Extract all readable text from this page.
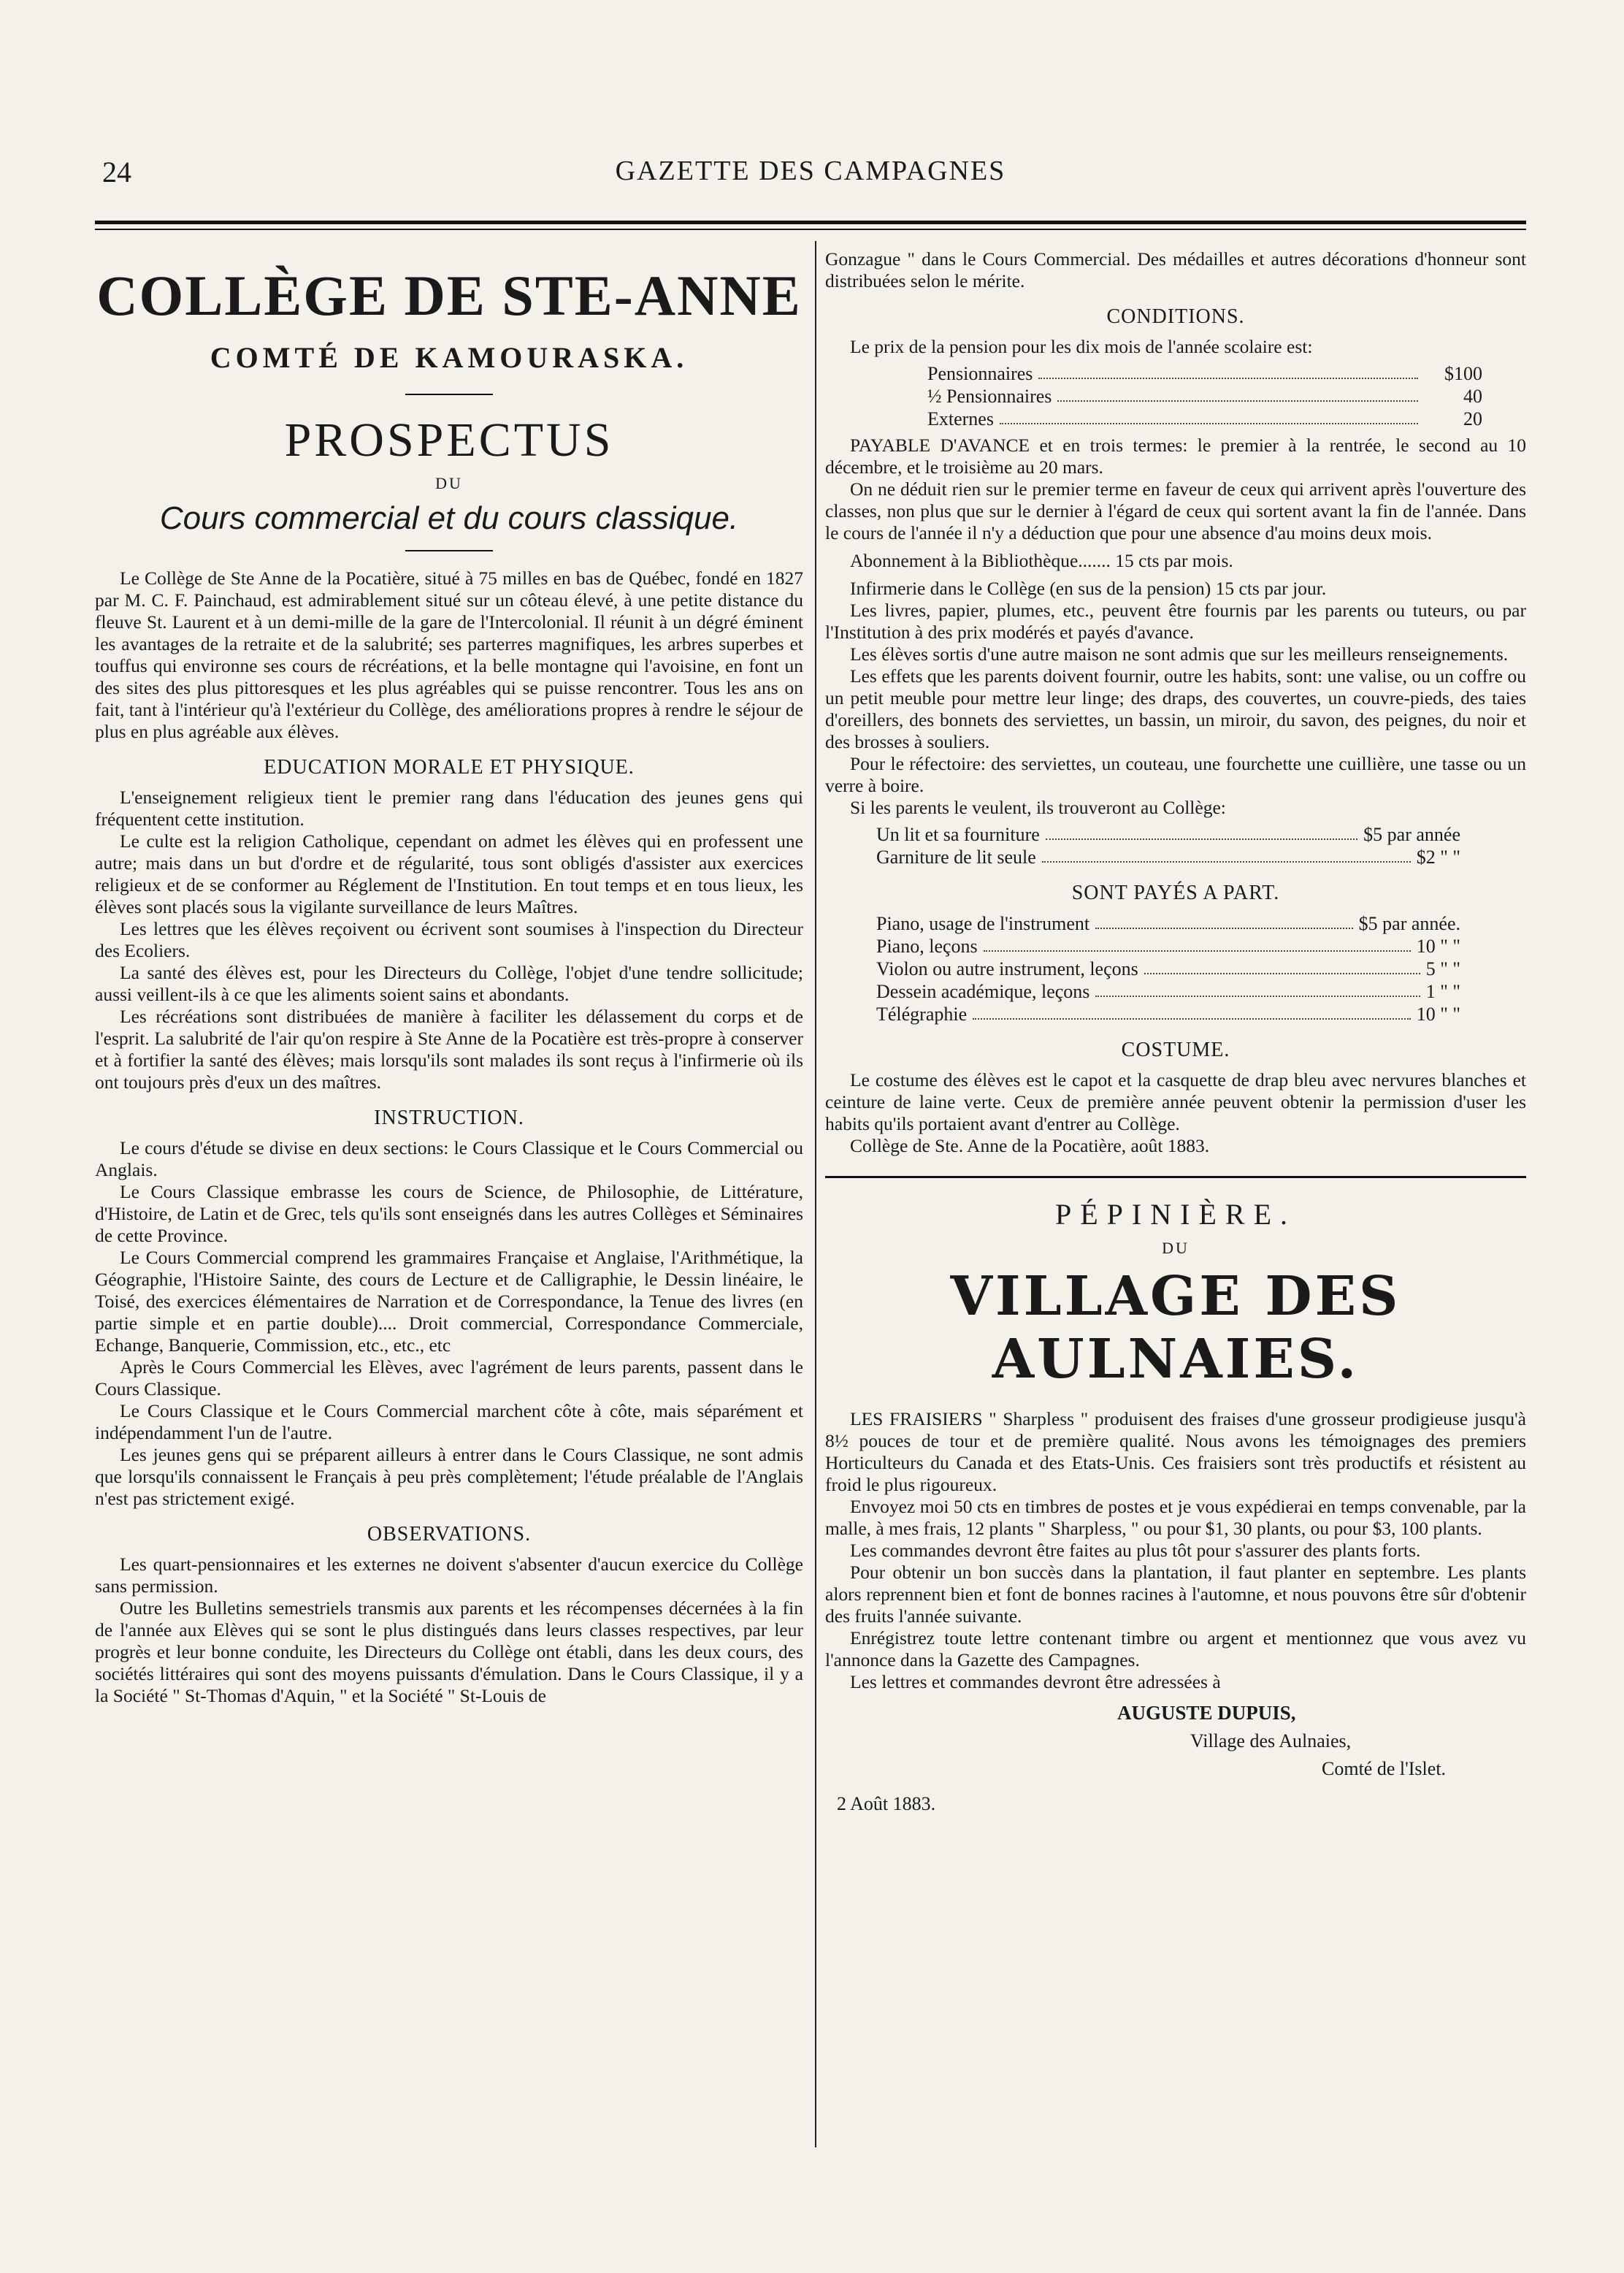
24	GAZETTE DES CAMPAGNES
COLLÈGE DE STE-ANNE
COMTÉ DE KAMOURASKA.
PROSPECTUS
DU
Cours commercial et du cours classique.

Le Collège de Ste Anne de la Pocatière, situé à 75 milles en bas de Québec, fondé en 1827 par M. C. F. Painchaud, est admirablement situé sur un côteau élevé, à une petite distance du fleuve St. Laurent et à un demi-mille de la gare de l'Intercolonial. Il réunit à un dégré éminent les avantages de la retraite et de la salubrité; ses parterres magnifiques, les arbres superbes et touffus qui environne ses cours de récréations, et la belle montagne qui l'avoisine, en font un des sites des plus pittoresques et les plus agréables qui se puisse rencontrer. Tous les ans on fait, tant à l'intérieur qu'à l'extérieur du Collège, des améliorations propres à rendre le séjour de plus en plus agréable aux élèves.

EDUCATION MORALE ET PHYSIQUE.

L'enseignement religieux tient le premier rang dans l'éducation des jeunes gens qui fréquentent cette institution.

Le culte est la religion Catholique, cependant on admet les élèves qui en professent une autre; mais dans un but d'ordre et de régularité, tous sont obligés d'assister aux exercices religieux et de se conformer au Réglement de l'Institution. En tout temps et en tous lieux, les élèves sont placés sous la vigilante surveillance de leurs Maîtres.

Les lettres que les élèves reçoivent ou écrivent sont soumises à l'inspection du Directeur des Ecoliers.

La santé des élèves est, pour les Directeurs du Collège, l'objet d'une tendre sollicitude; aussi veillent-ils à ce que les aliments soient sains et abondants.

Les récréations sont distribuées de manière à faciliter les délassement du corps et de l'esprit. La salubrité de l'air qu'on respire à Ste Anne de la Pocatière est très-propre à conserver et à fortifier la santé des élèves; mais lorsqu'ils sont malades ils sont reçus à l'infirmerie où ils ont toujours près d'eux un des maîtres.

INSTRUCTION.

Le cours d'étude se divise en deux sections: le Cours Classique et le Cours Commercial ou Anglais.

Le Cours Classique embrasse les cours de Science, de Philosophie, de Littérature, d'Histoire, de Latin et de Grec, tels qu'ils sont enseignés dans les autres Collèges et Séminaires de cette Province.

Le Cours Commercial comprend les grammaires Française et Anglaise, l'Arithmétique, la Géographie, l'Histoire Sainte, des cours de Lecture et de Calligraphie, le Dessin linéaire, le Toisé, des exercices élémentaires de Narration et de Correspondance, la Tenue des livres (en partie simple et en partie double).... Droit commercial, Correspondance Commerciale, Echange, Banquerie, Commission, etc., etc., etc

Après le Cours Commercial les Elèves, avec l'agrément de leurs parents, passent dans le Cours Classique.

Le Cours Classique et le Cours Commercial marchent côte à côte, mais séparément et indépendamment l'un de l'autre.

Les jeunes gens qui se préparent ailleurs à entrer dans le Cours Classique, ne sont admis que lorsqu'ils connaissent le Français à peu près complètement; l'étude préalable de l'Anglais n'est pas strictement exigé.

OBSERVATIONS.

Les quart-pensionnaires et les externes ne doivent s'absenter d'aucun exercice du Collège sans permission.

Outre les Bulletins semestriels transmis aux parents et les récompenses décernées à la fin de l'année aux Elèves qui se sont le plus distingués dans leurs classes respectives, par leur progrès et leur bonne conduite, les Directeurs du Collège ont établi, dans les deux cours, des sociétés littéraires qui sont des moyens puissants d'émulation. Dans le Cours Classique, il y a la Société " St-Thomas d'Aquin, " et la Société " St-Louis de

Gonzague " dans le Cours Commercial. Des médailles et autres décorations d'honneur sont distribuées selon le mérite.

CONDITIONS.

Le prix de la pension pour les dix mois de l'année scolaire est:

Pensionnaires	$100
½ Pensionnaires	40
Externes	20

PAYABLE D'AVANCE et en trois termes: le premier à la rentrée, le second au 10 décembre, et le troisième au 20 mars.

On ne déduit rien sur le premier terme en faveur de ceux qui arrivent après l'ouverture des classes, non plus que sur le dernier à l'égard de ceux qui sortent avant la fin de l'année. Dans le cours de l'année il n'y a déduction que pour une absence d'au moins deux mois.

Abonnement à la Bibliothèque....... 15 cts par mois.

Infirmerie dans le Collège (en sus de la pension) 15 cts par jour.

Les livres, papier, plumes, etc., peuvent être fournis par les parents ou tuteurs, ou par l'Institution à des prix modérés et payés d'avance.

Les élèves sortis d'une autre maison ne sont admis que sur les meilleurs renseignements.

Les effets que les parents doivent fournir, outre les habits, sont: une valise, ou un coffre ou un petit meuble pour mettre leur linge; des draps, des couvertes, un couvre-pieds, des taies d'oreillers, des bonnets des serviettes, un bassin, un miroir, du savon, des peignes, du noir et des brosses à souliers.

Pour le réfectoire: des serviettes, un couteau, une fourchette une cuillière, une tasse ou un verre à boire.

Si les parents le veulent, ils trouveront au Collège:

Un lit et sa fourniture	$5 par année
Garniture de lit seule	$2 " "
SONT PAYÉS A PART.
Piano, usage de l'instrument	$5 par année.
Piano, leçons	10 " "
Violon ou autre instrument, leçons	5 " "
Dessein académique, leçons	1 " "
Télégraphie	10 " "
COSTUME.

Le costume des élèves est le capot et la casquette de drap bleu avec nervures blanches et ceinture de laine verte. Ceux de première année peuvent obtenir la permission d'user les habits qu'ils portaient avant d'entrer au Collège.

Collège de Ste. Anne de la Pocatière, août 1883.

PÉPINIÈRE.
DU
VILLAGE DES AULNAIES.

LES FRAISIERS " Sharpless " produisent des fraises d'une grosseur prodigieuse jusqu'à 8½ pouces de tour et de première qualité. Nous avons les témoignages des premiers Horticulteurs du Canada et des Etats-Unis. Ces fraisiers sont très productifs et résistent au froid le plus rigoureux.

Envoyez moi 50 cts en timbres de postes et je vous expédierai en temps convenable, par la malle, à mes frais, 12 plants " Sharpless, " ou pour $1, 30 plants, ou pour $3, 100 plants.

Les commandes devront être faites au plus tôt pour s'assurer des plants forts.

Pour obtenir un bon succès dans la plantation, il faut planter en septembre. Les plants alors reprennent bien et font de bonnes racines à l'automne, et nous pouvons être sûr d'obtenir des fruits l'année suivante.

Enrégistrez toute lettre contenant timbre ou argent et mentionnez que vous avez vu l'annonce dans la Gazette des Campagnes.

Les lettres et commandes devront être adressées à

AUGUSTE DUPUIS,
Village des Aulnaies,
Comté de l'Islet.
2 Août 1883.
